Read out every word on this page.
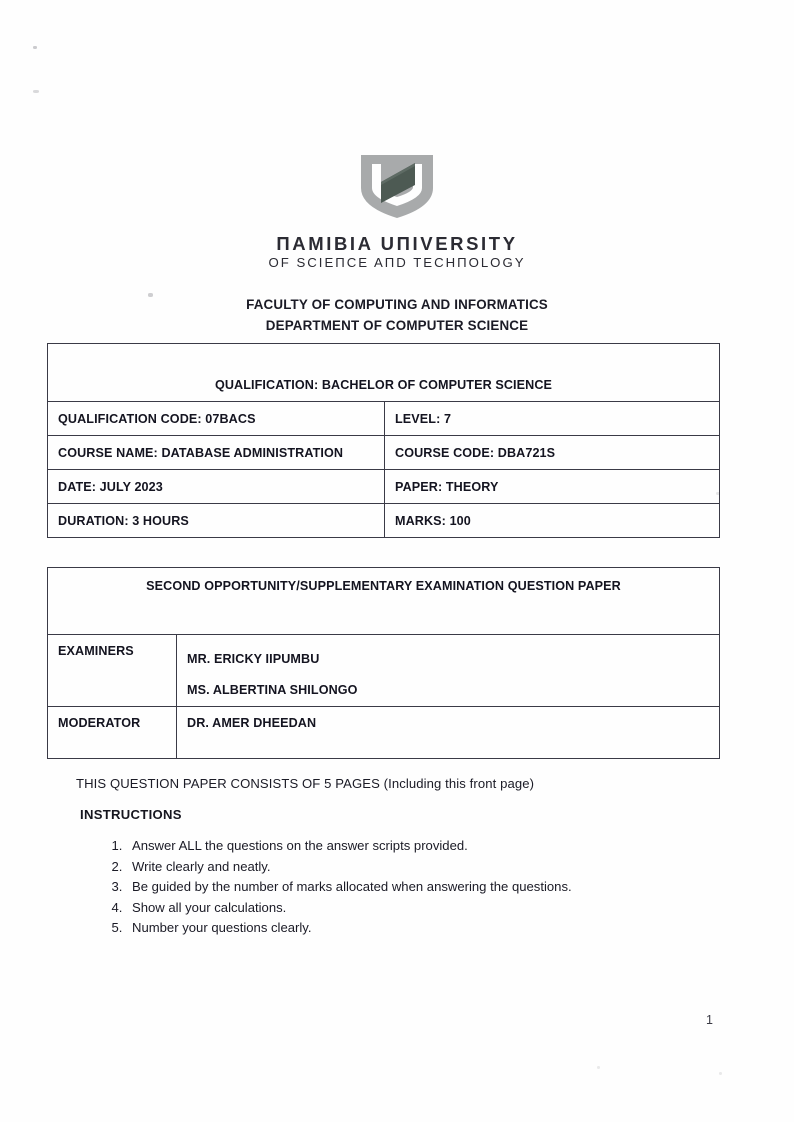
ПAMIBIA UПIVERSITY
OF SCIEПCE AПD TECHПOLOGY
FACULTY OF COMPUTING AND INFORMATICS
DEPARTMENT OF COMPUTER SCIENCE
QUALIFICATION: BACHELOR OF COMPUTER SCIENCE	
QUALIFICATION CODE: 07BACS	LEVEL: 7
COURSE NAME: DATABASE ADMINISTRATION	COURSE CODE: DBA721S
DATE: JULY 2023	PAPER: THEORY
DURATION: 3 HOURS	MARKS: 100
SECOND OPPORTUNITY/SUPPLEMENTARY EXAMINATION QUESTION PAPER	
EXAMINERS	MR. ERICKY IIPUMBU
MS. ALBERTINA SHILONGO

MODERATOR	DR. AMER DHEEDAN
THIS QUESTION PAPER CONSISTS OF 5 PAGES (Including this front page)
INSTRUCTIONS
1. Answer ALL the questions on the answer scripts provided.
2. Write clearly and neatly.
3. Be guided by the number of marks allocated when answering the questions.
4. Show all your calculations.
5. Number your questions clearly.
1
